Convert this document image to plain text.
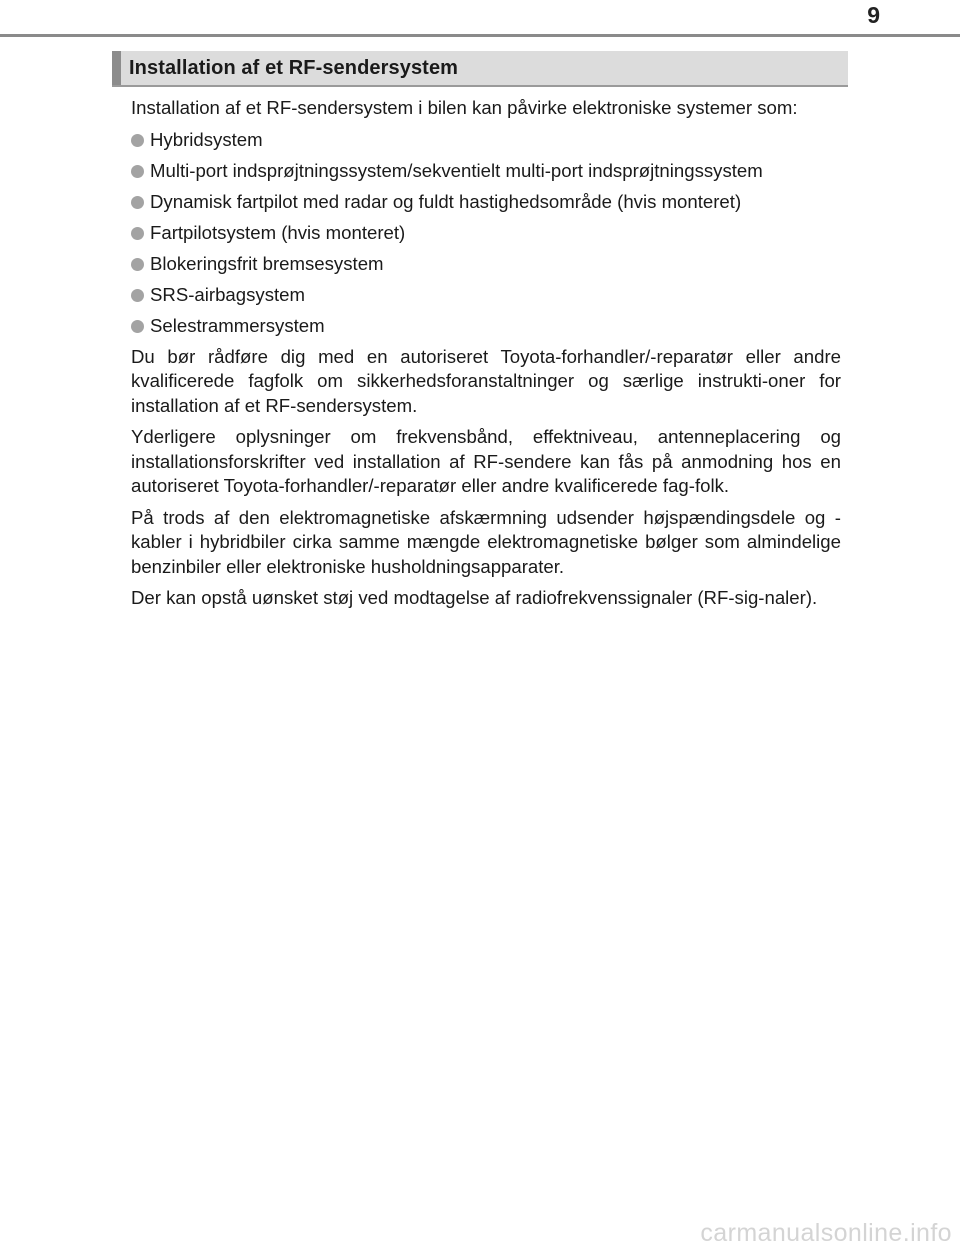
9
Installation af et RF-sendersystem

Installation af et RF-sendersystem i bilen kan påvirke elektroniske systemer som:

Hybridsystem
Multi-port indsprøjtningssystem/sekventielt multi-port indsprøjtningssystem
Dynamisk fartpilot med radar og fuldt hastighedsområde (hvis monteret)
Fartpilotsystem (hvis monteret)
Blokeringsfrit bremsesystem
SRS-airbagsystem
Selestrammersystem

Du bør rådføre dig med en autoriseret Toyota-forhandler/-reparatør eller andre kvalificerede fagfolk om sikkerhedsforanstaltninger og særlige instrukti-oner for installation af et RF-sendersystem.

Yderligere oplysninger om frekvensbånd, effektniveau, antenneplacering og installationsforskrifter ved installation af RF-sendere kan fås på anmodning hos en autoriseret Toyota-forhandler/-reparatør eller andre kvalificerede fag-folk.

På trods af den elektromagnetiske afskærmning udsender højspændingsdele og -kabler i hybridbiler cirka samme mængde elektromagnetiske bølger som almindelige benzinbiler eller elektroniske husholdningsapparater.

Der kan opstå uønsket støj ved modtagelse af radiofrekvenssignaler (RF-sig-naler).

carmanualsonline.info
